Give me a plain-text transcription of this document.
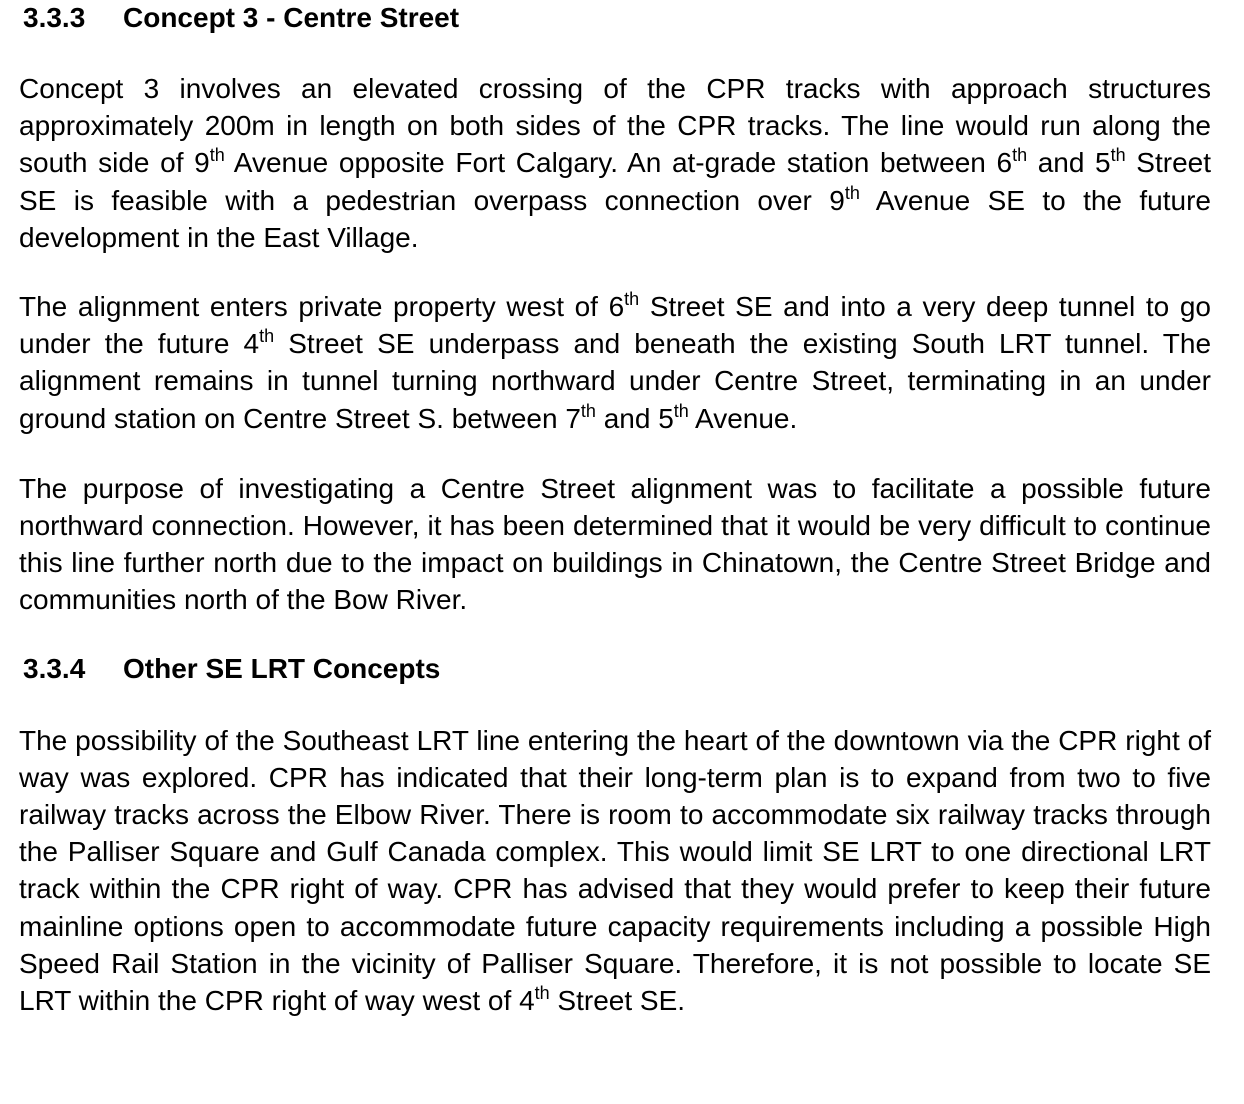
3.3.3 Concept 3 - Centre Street

Concept 3 involves an elevated crossing of the CPR tracks with approach structures approximately 200m in length on both sides of the CPR tracks. The line would run along the south side of 9th Avenue opposite Fort Calgary. An at-grade station between 6th and 5th Street SE is feasible with a pedestrian overpass connection over 9th Avenue SE to the future development in the East Village.

The alignment enters private property west of 6th Street SE and into a very deep tunnel to go under the future 4th Street SE underpass and beneath the existing South LRT tunnel. The alignment remains in tunnel turning northward under Centre Street, terminating in an under ground station on Centre Street S. between 7th and 5th Avenue.

The purpose of investigating a Centre Street alignment was to facilitate a possible future northward connection. However, it has been determined that it would be very difficult to continue this line further north due to the impact on buildings in Chinatown, the Centre Street Bridge and communities north of the Bow River.

3.3.4 Other SE LRT Concepts

The possibility of the Southeast LRT line entering the heart of the downtown via the CPR right of way was explored. CPR has indicated that their long-term plan is to expand from two to five railway tracks across the Elbow River. There is room to accommodate six railway tracks through the Palliser Square and Gulf Canada complex. This would limit SE LRT to one directional LRT track within the CPR right of way. CPR has advised that they would prefer to keep their future mainline options open to accommodate future capacity requirements including a possible High Speed Rail Station in the vicinity of Palliser Square. Therefore, it is not possible to locate SE LRT within the CPR right of way west of 4th Street SE.
